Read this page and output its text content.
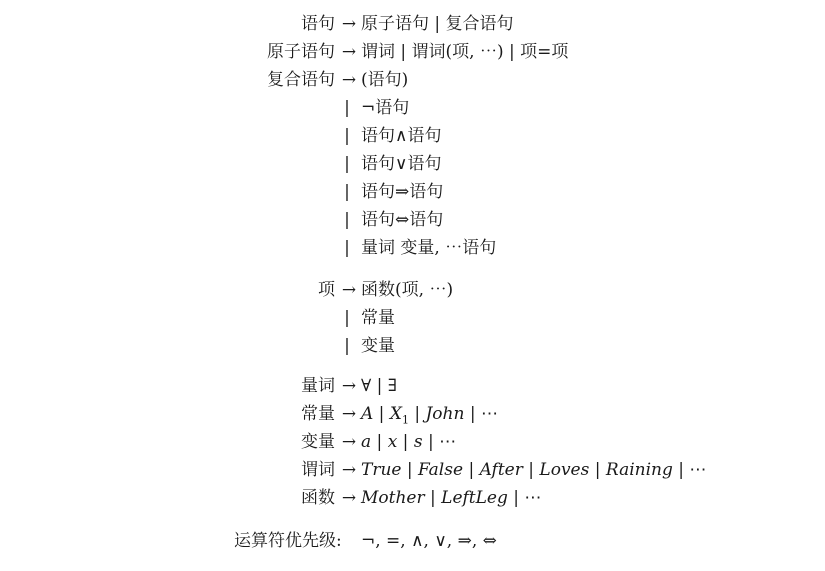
语句 → 原子语句 | 复合语句
原子语句 → 谓词 | 谓词(项, ⋯) | 项=项
复合语句 → (语句)
| ¬语句
| 语句∧语句
| 语句∨语句
| 语句⇒语句
| 语句⇔语句
| 量词 变量, ⋯语句
项 → 函数(项, ⋯)
| 常量
| 变量
量词 → ∀ | ∃
常量 → A | $X_1$ | John | ⋯
变量 → a | x | s | ⋯
谓词 → True | False | After | Loves | Raining | ⋯
函数 → Mother | LeftLeg | ⋯
运算符优先级: ¬, =, ∧, ∨, ⇒, ⇔
